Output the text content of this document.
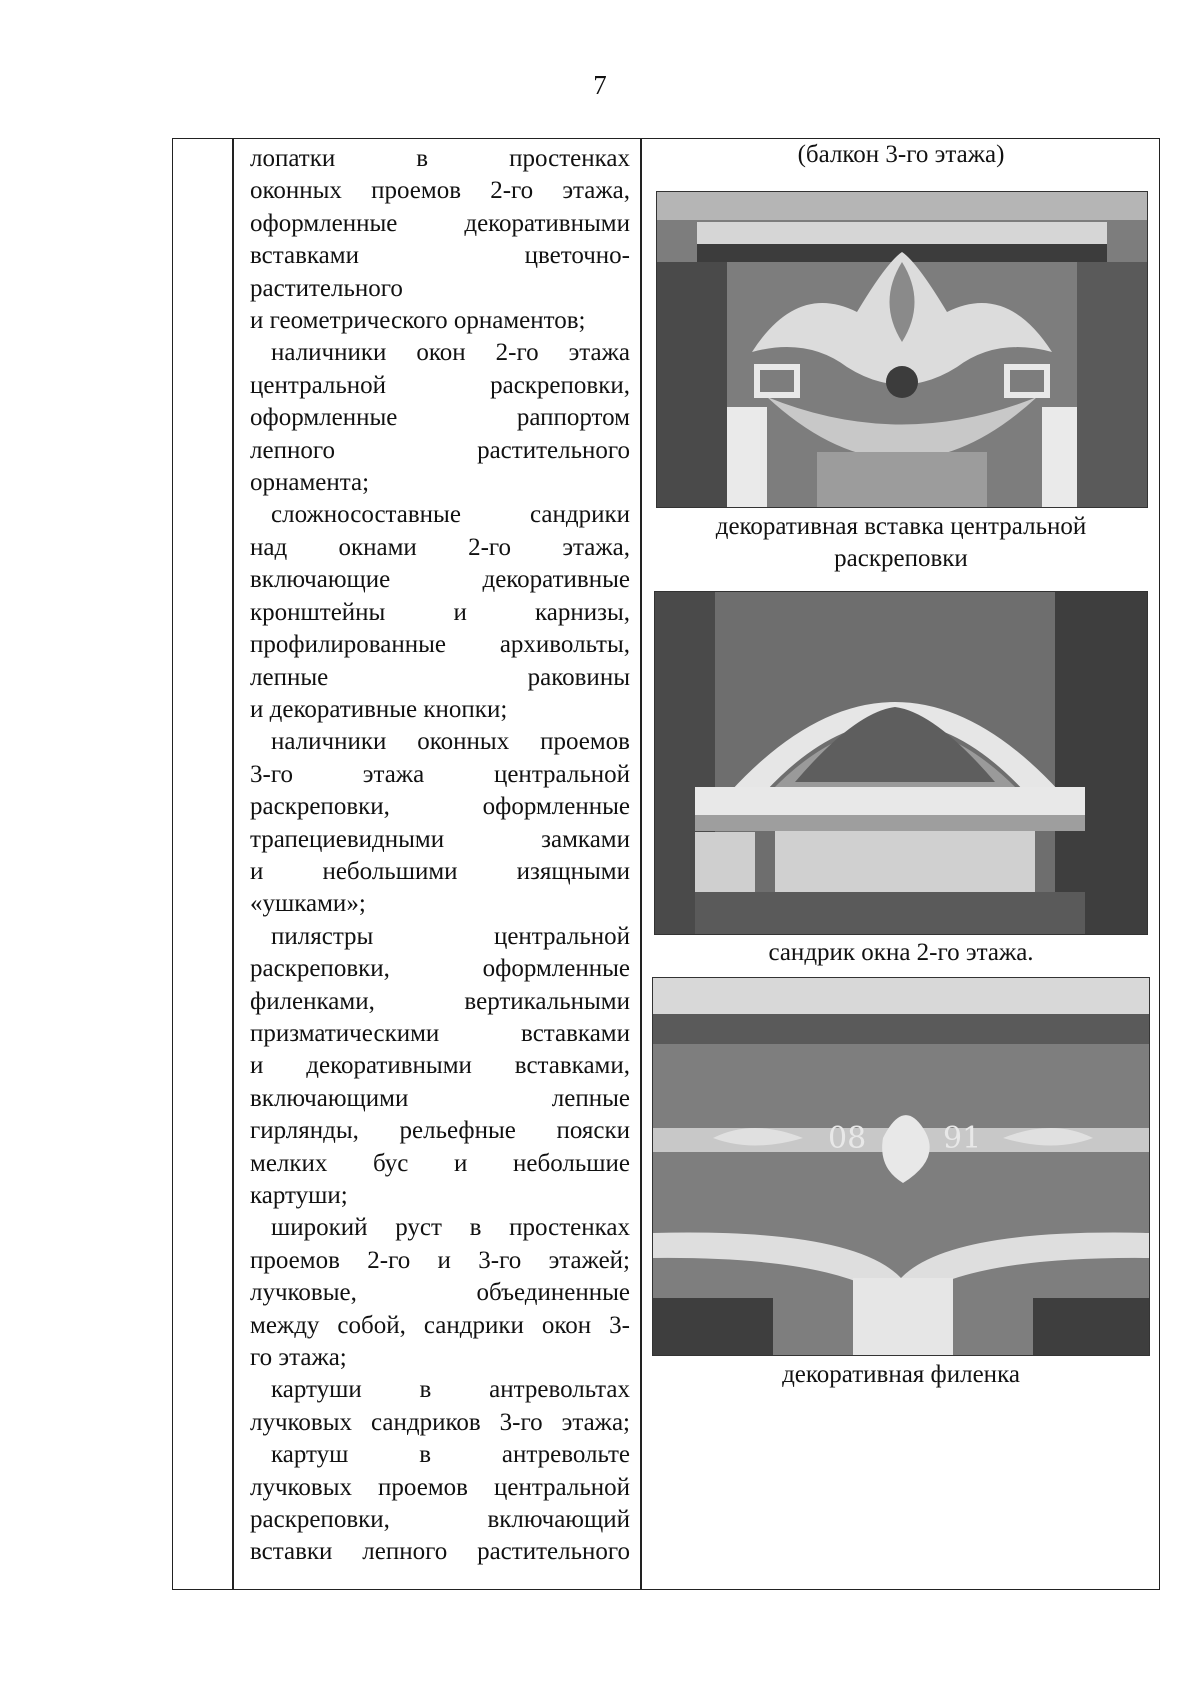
7

лопатки в простенках

оконных проемов 2-го этажа,

оформленные декоративными

вставками цветочно-

растительного

и геометрического орнаментов;

наличники окон 2-го этажа

центральной раскреповки,

оформленные раппортом

лепного растительного

орнамента;

сложносоставные сандрики

над окнами 2-го этажа,

включающие декоративные

кронштейны и карнизы,

профилированные архивольты,

лепные раковины

и декоративные кнопки;

наличники оконных проемов

3-го этажа центральной

раскреповки, оформленные

трапециевидными замками

и небольшими изящными

«ушками»;

пилястры центральной

раскреповки, оформленные

филенками, вертикальными

призматическими вставками

и декоративными вставками,

включающими лепные

гирлянды, рельефные пояски

мелких бус и небольшие

картуши;

широкий руст в простенках

проемов 2-го и 3-го этажей;

лучковые, объединенные

между собой, сандрики окон 3-

го этажа;

картуши в антревольтах

лучковых сандриков 3-го этажа;

картуш в антревольте

лучковых проемов центральной

раскреповки, включающий

вставки лепного растительного

(балкон 3-го этажа)
декоративная вставка центральной
раскреповки
сандрик окна 2-го этажа.
08	91
декоративная филенка
